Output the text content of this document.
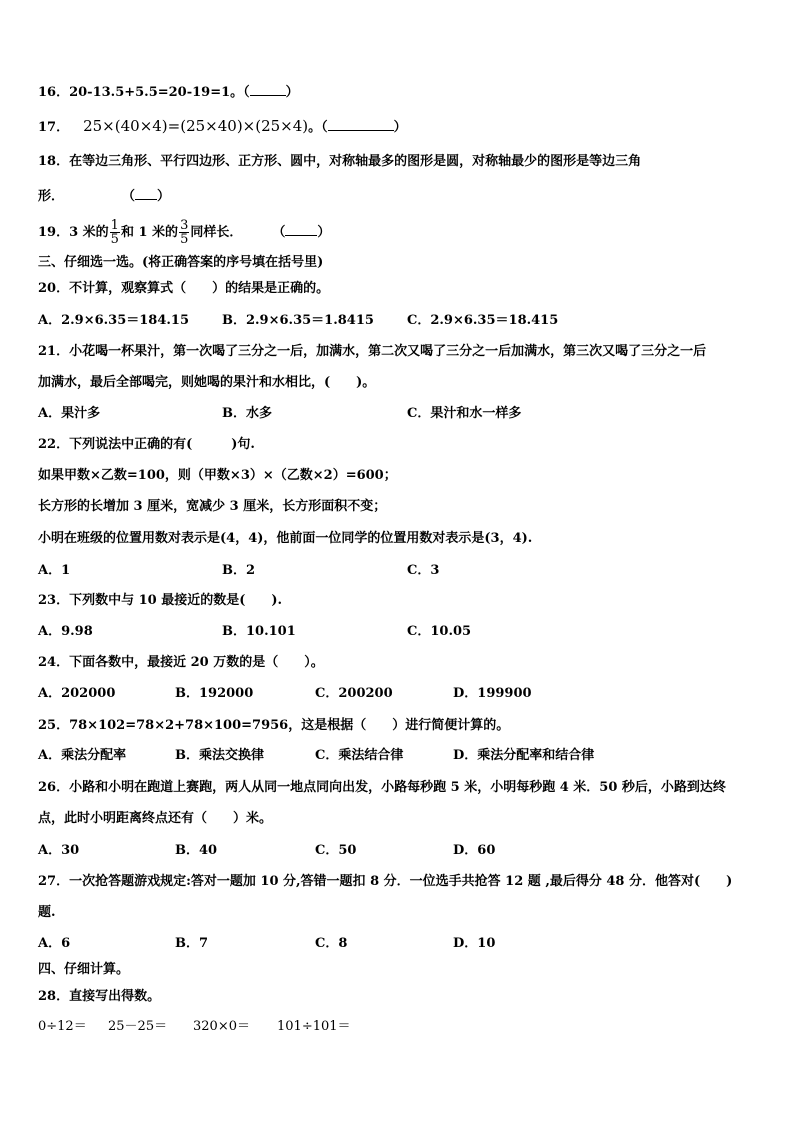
16．20-13.5+5.5=20-19=1。（	）
17． 25×(40×4)=(25×40)×(25×4)。（	）
18．在等边三角形、平行四边形、正方形、圆中，对称轴最多的图形是圆，对称轴最少的图形是等边三角
形．	（ ）
19．3 米的 $\frac{1}{5}$ 和 1 米的 $\frac{3}{5}$ 同样长． （ ）
三、仔细选一选。(将正确答案的序号填在括号里)
20．不计算，观察算式（　　）的结果是正确的。
A．2.9×6.35＝184.15	B．2.9×6.35＝1.8415	C．2.9×6.35＝18.415
21．小花喝一杯果汁，第一次喝了三分之一后，加满水，第二次又喝了三分之一后加满水，第三次又喝了三分之一后
加满水，最后全部喝完，则她喝的果汁和水相比，(　　)。
A．果汁多	B．水多	C．果汁和水一样多
22．下列说法中正确的有(　　　)句.
如果甲数×乙数=100，则（甲数×3）×（乙数×2）=600；
长方形的长增加 3 厘米，宽减少 3 厘米，长方形面积不变；
小明在班级的位置用数对表示是(4，4)，他前面一位同学的位置用数对表示是(3，4).
A．1	B．2	C．3
23．下列数中与 10 最接近的数是(　　).
A．9.98	B．10.101	C．10.05
24．下面各数中，最接近 20 万数的是（　　）。
A．202000	B．192000	C．200200	D．199900
25．78×102=78×2+78×100=7956，这是根据（　　）进行简便计算的。
A．乘法分配率	B．乘法交换律	C．乘法结合律	D．乘法分配率和结合律
26．小路和小明在跑道上赛跑，两人从同一地点同向出发，小路每秒跑 5 米，小明每秒跑 4 米．50 秒后，小路到达终
点，此时小明距离终点还有（　　）米。
A．30	B．40	C．50	D．60
27．一次抢答题游戏规定:答对一题加 10 分,答错一题扣 8 分．一位选手共抢答 12 题 ,最后得分 48 分．他答对(　　)
题.
A．6	B．7	C．8	D．10
四、仔细计算。
28．直接写出得数。
0÷12＝ 25－25＝ 320×0＝ 101÷101＝
